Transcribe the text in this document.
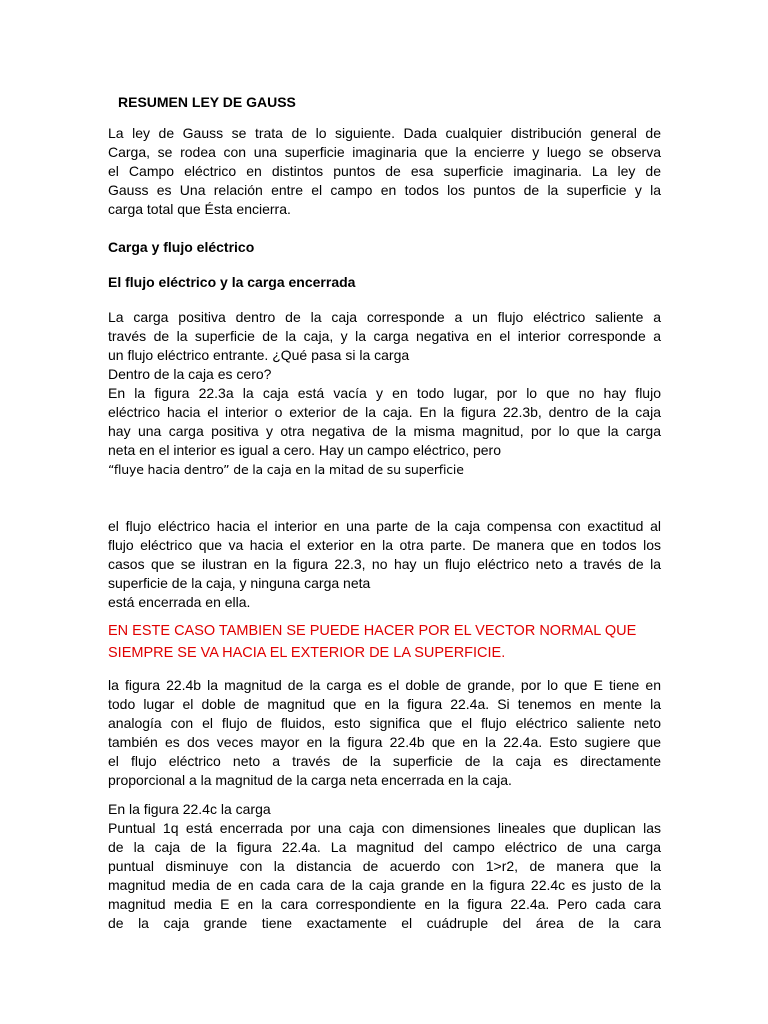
RESUMEN LEY DE GAUSS

La ley de Gauss se trata de lo siguiente. Dada cualquier distribución general de
Carga, se rodea con una superficie imaginaria que la encierre y luego se observa
el Campo eléctrico en distintos puntos de esa superficie imaginaria. La ley de
Gauss es Una relación entre el campo en todos los puntos de la superficie y la
carga total que Ésta encierra.

Carga y flujo eléctrico

El flujo eléctrico y la carga encerrada

La carga positiva dentro de la caja corresponde a un flujo eléctrico saliente a
través de la superficie de la caja, y la carga negativa en el interior corresponde a
un flujo eléctrico entrante. ¿Qué pasa si la carga
Dentro de la caja es cero?
En la figura 22.3a la caja está vacía y en todo lugar, por lo que no hay flujo
eléctrico hacia el interior o exterior de la caja. En la figura 22.3b, dentro de la caja
hay una carga positiva y otra negativa de la misma magnitud, por lo que la carga
neta en el interior es igual a cero. Hay un campo eléctrico, pero
“fluye hacia dentro” de la caja en la mitad de su superficie

el flujo eléctrico hacia el interior en una parte de la caja compensa con exactitud al
flujo eléctrico que va hacia el exterior en la otra parte. De manera que en todos los
casos que se ilustran en la figura 22.3, no hay un flujo eléctrico neto a través de la
superficie de la caja, y ninguna carga neta
está encerrada en ella.

EN ESTE CASO TAMBIEN SE PUEDE HACER POR EL VECTOR NORMAL QUE
SIEMPRE SE VA HACIA EL EXTERIOR DE LA SUPERFICIE.

la figura 22.4b la magnitud de la carga es el doble de grande, por lo que E tiene en
todo lugar el doble de magnitud que en la figura 22.4a. Si tenemos en mente la
analogía con el flujo de fluidos, esto significa que el flujo eléctrico saliente neto
también es dos veces mayor en la figura 22.4b que en la 22.4a. Esto sugiere que
el flujo eléctrico neto a través de la superficie de la caja es directamente
proporcional a la magnitud de la carga neta encerrada en la caja.

En la figura 22.4c la carga
Puntual 1q está encerrada por una caja con dimensiones lineales que duplican las
de la caja de la figura 22.4a. La magnitud del campo eléctrico de una carga
puntual disminuye con la distancia de acuerdo con 1>r2, de manera que la
magnitud media de en cada cara de la caja grande en la figura 22.4c es justo de la
magnitud media E en la cara correspondiente en la figura 22.4a. Pero cada cara
de la caja grande tiene exactamente el cuádruple del área de la cara
